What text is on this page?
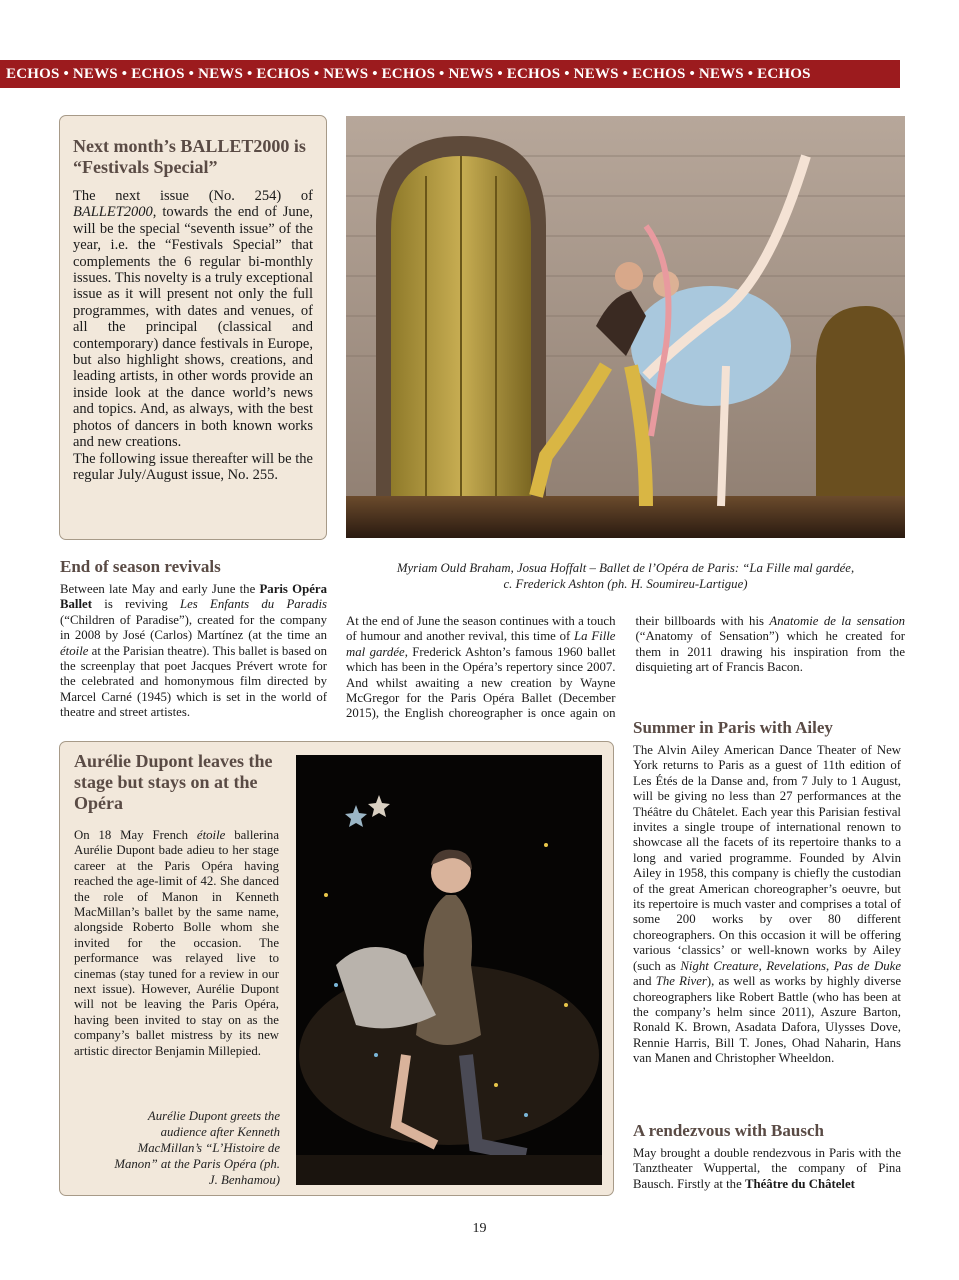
ECHOS • NEWS • ECHOS • NEWS • ECHOS • NEWS • ECHOS • NEWS • ECHOS • NEWS • ECHOS • NEWS • ECHOS
Next month’s BALLET2000 is “Festivals Special”

The next issue (No. 254) of BALLET2000, towards the end of June, will be the special “seventh issue” of the year, i.e. the “Festivals Special” that complements the 6 regular bi-monthly issues. This novelty is a truly exceptional issue as it will present not only the full programmes, with dates and venues, of all the principal (classical and contemporary) dance festivals in Europe, but also highlight shows, creations, and leading artists, in other words provide an inside look at the dance world’s news and topics. And, as always, with the best photos of dancers in both known works and new creations.

The following issue thereafter will be the regular July/August issue, No. 255.

Myriam Ould Braham, Josua Hoffalt – Ballet de l’Opéra de Paris: “La Fille mal gardée,
c. Frederick Ashton (ph. H. Soumireu-Lartigue)
End of season revivals
Between late May and early June the Paris Opéra Ballet is reviving Les Enfants du Paradis (“Children of Paradise”), created for the company in 2008 by José (Carlos) Martínez (at the time an étoile at the Parisian theatre). This ballet is based on the screenplay that poet Jacques Prévert wrote for the celebrated and homonymous film directed by Marcel Carné (1945) which is set in the world of theatre and street artistes.
At the end of June the season continues with a touch of humour and another revival, this time of La Fille mal gardée, Frederick Ashton’s famous 1960 ballet which has been in the Opéra’s repertory since 2007. And whilst awaiting a new creation by Wayne McGregor for the Paris Opéra Ballet (December 2015), the English choreographer is once again on their billboards with his Anatomie de la sensation (“Anatomy of Sensation”) which he created for them in 2011 drawing his inspiration from the disquieting art of Francis Bacon.
Aurélie Dupont leaves the stage but stays on at the Opéra
On 18 May French étoile ballerina Aurélie Dupont bade adieu to her stage career at the Paris Opéra having reached the age-limit of 42. She danced the role of Manon in Kenneth MacMillan’s ballet by the same name, alongside Roberto Bolle whom she invited for the occasion. The performance was relayed live to cinemas (stay tuned for a review in our next issue). However, Aurélie Dupont will not be leaving the Paris Opéra, having been invited to stay on as the company’s ballet mistress by its new artistic director Benjamin Millepied.
Aurélie Dupont greets the audience after Kenneth MacMillan’s “L’Histoire de Manon” at the Paris Opéra (ph. J. Benhamou)
Summer in Paris with Ailey
The Alvin Ailey American Dance Theater of New York returns to Paris as a guest of 11th edition of Les Étés de la Danse and, from 7 July to 1 August, will be giving no less than 27 performances at the Théâtre du Châtelet. Each year this Parisian festival invites a single troupe of international renown to showcase all the facets of its repertoire thanks to a long and varied programme. Founded by Alvin Ailey in 1958, this company is chiefly the custodian of the great American choreographer’s oeuvre, but its repertoire is much vaster and comprises a total of some 200 works by over 80 different choreographers. On this occasion it will be offering various ‘classics’ or well-known works by Ailey (such as Night Creature, Revelations, Pas de Duke and The River), as well as works by highly diverse choreographers like Robert Battle (who has been at the company’s helm since 2011), Aszure Barton, Ronald K. Brown, Asadata Dafora, Ulysses Dove, Rennie Harris, Bill T. Jones, Ohad Naharin, Hans van Manen and Christopher Wheeldon.
A rendezvous with Bausch
May brought a double rendezvous in Paris with the Tanztheater Wuppertal, the company of Pina Bausch. Firstly at the Théâtre du Châtelet
19
